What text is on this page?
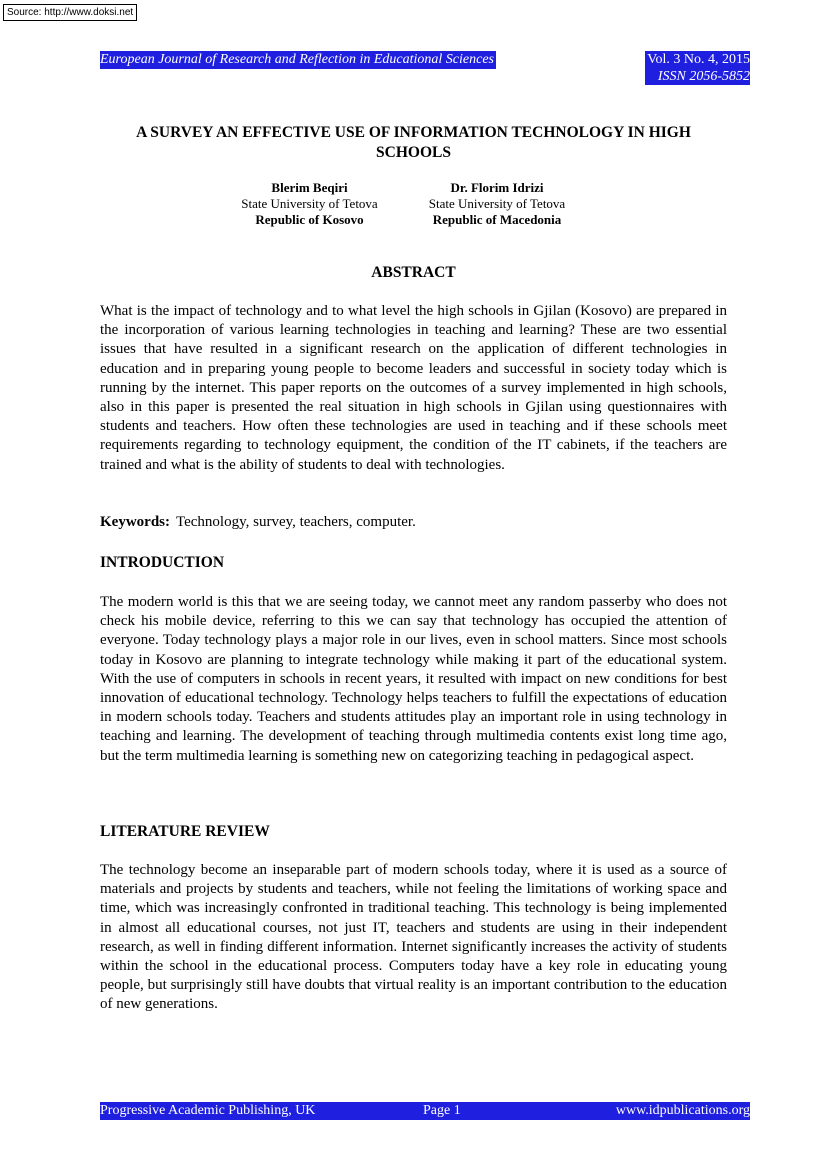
Source: http://www.doksi.net
European Journal of Research and Reflection in Educational Sciences	Vol. 3 No. 4, 2015
ISSN 2056-5852
A SURVEY AN EFFECTIVE USE OF INFORMATION TECHNOLOGY IN HIGH SCHOOLS
Blerim Beqiri
State University of Tetova
Republic of Kosovo
Dr. Florim Idrizi
State University of Tetova
Republic of Macedonia
ABSTRACT

What is the impact of technology and to what level the high schools in Gjilan (Kosovo) are prepared in the incorporation of various learning technologies in teaching and learning? These are two essential issues that have resulted in a significant research on the application of different technologies in education and in preparing young people to become leaders and successful in society today which is running by the internet. This paper reports on the outcomes of a survey implemented in high schools, also in this paper is presented the real situation in high schools in Gjilan using questionnaires with students and teachers. How often these technologies are used in teaching and if these schools meet requirements regarding to technology equipment, the condition of the IT cabinets, if the teachers are trained and what is the ability of students to deal with technologies.

Keywords: Technology, survey, teachers, computer.
INTRODUCTION

The modern world is this that we are seeing today, we cannot meet any random passerby who does not check his mobile device, referring to this we can say that technology has occupied the attention of everyone. Today technology plays a major role in our lives, even in school matters. Since most schools today in Kosovo are planning to integrate technology while making it part of the educational system. With the use of computers in schools in recent years, it resulted with impact on new conditions for best innovation of educational technology. Technology helps teachers to fulfill the expectations of education in modern schools today. Teachers and students attitudes play an important role in using technology in teaching and learning. The development of teaching through multimedia contents exist long time ago, but the term multimedia learning is something new on categorizing teaching in pedagogical aspect.

LITERATURE REVIEW

The technology become an inseparable part of modern schools today, where it is used as a source of materials and projects by students and teachers, while not feeling the limitations of working space and time, which was increasingly confronted in traditional teaching. This technology is being implemented in almost all educational courses, not just IT, teachers and students are using in their independent research, as well in finding different information. Internet significantly increases the activity of students within the school in the educational process. Computers today have a key role in educating young people, but surprisingly still have doubts that virtual reality is an important contribution to the education of new generations.

Progressive Academic Publishing, UK	Page 1	www.idpublications.org
